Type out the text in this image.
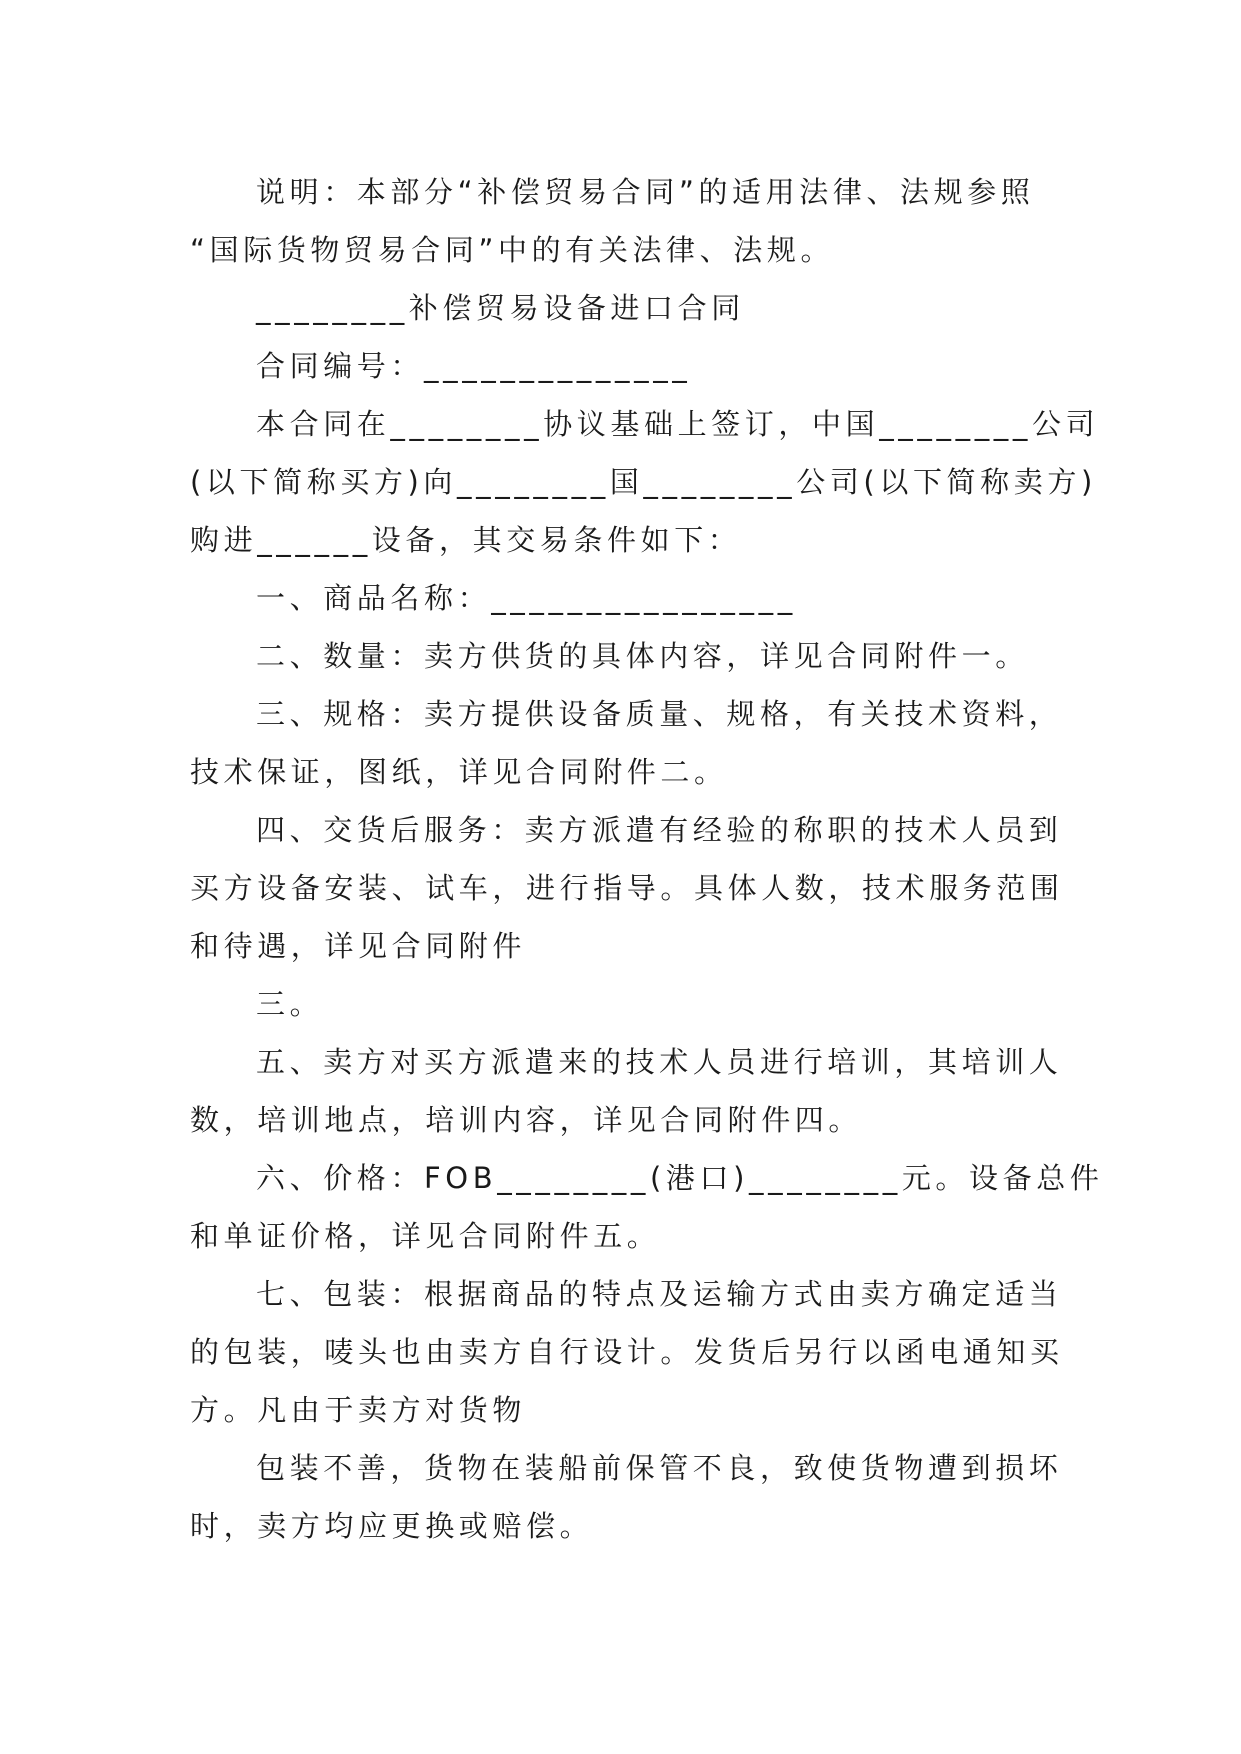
说明：本部分“补偿贸易合同”的适用法律、法规参照
“国际货物贸易合同”中的有关法律、法规。
________补偿贸易设备进口合同
合同编号：______________
本合同在________协议基础上签订，中国________公司
(以下简称买方)向________国________公司(以下简称卖方)
购进______设备，其交易条件如下：
一、商品名称：________________
二、数量：卖方供货的具体内容，详见合同附件一。
三、规格：卖方提供设备质量、规格，有关技术资料，
技术保证，图纸，详见合同附件二。
四、交货后服务：卖方派遣有经验的称职的技术人员到
买方设备安装、试车，进行指导。具体人数，技术服务范围
和待遇，详见合同附件
三。
五、卖方对买方派遣来的技术人员进行培训，其培训人
数，培训地点，培训内容，详见合同附件四。
六、价格：FOB________(港口)________元。设备总件
和单证价格，详见合同附件五。
七、包装：根据商品的特点及运输方式由卖方确定适当
的包装，唛头也由卖方自行设计。发货后另行以函电通知买
方。凡由于卖方对货物
包装不善，货物在装船前保管不良，致使货物遭到损坏
时，卖方均应更换或赔偿。
